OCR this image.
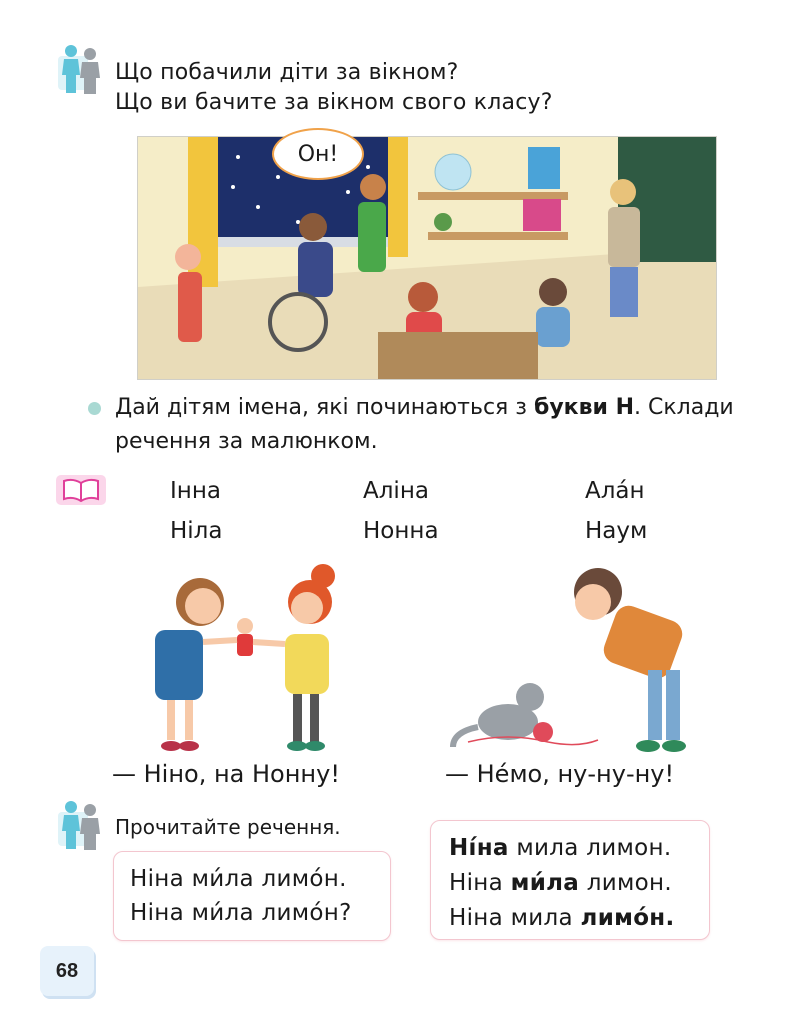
Що побачили діти за вікном?
Що ви бачите за вікном свого класу?
Он!
Дай дітям імена, які починаються з букви Н. Склади
речення за малюнком.
Інна	Аліна	Ала́н
Ніла	Нонна	Наум
— Ніно, на Нонну!	— Не́мо, ну-ну-ну!
Прочитайте речення.
Ніна ми́ла лимо́н.
Ніна ми́ла лимо́н?
Ні́на мила лимон.
Ніна ми́ла лимон.
Ніна мила лимо́н.
68
